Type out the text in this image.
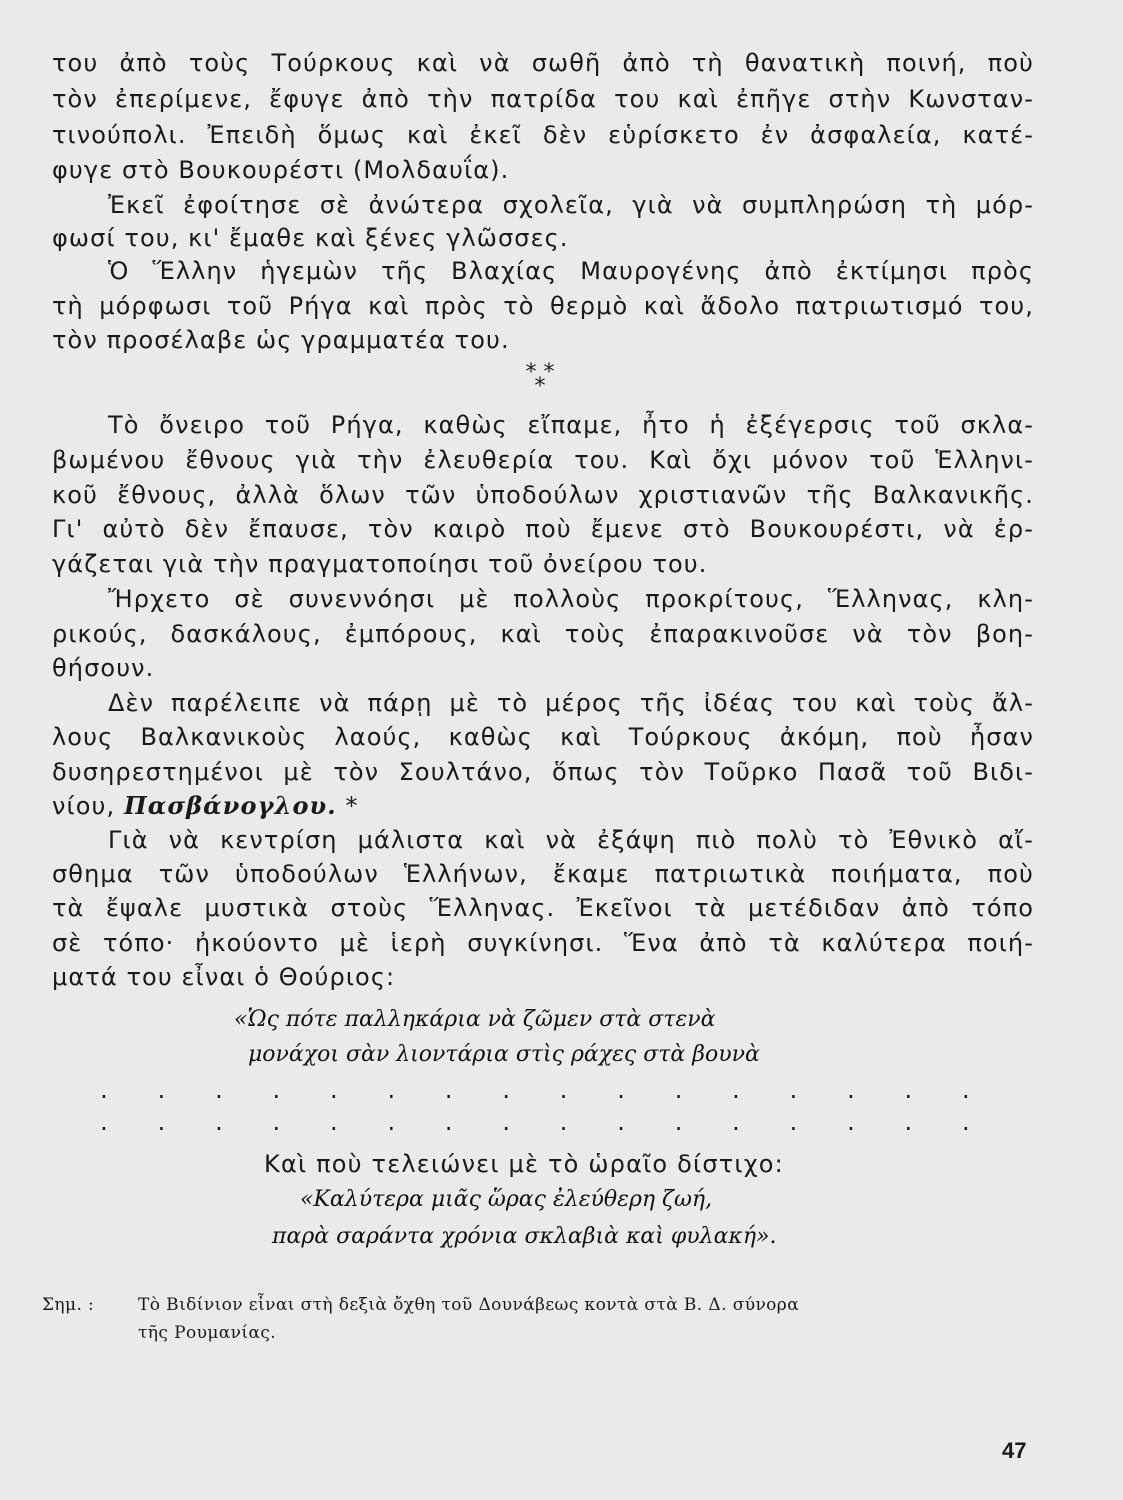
του ἀπὸ τοὺς Τούρκους καὶ νὰ σωθῆ ἀπὸ τὴ θανατικὴ ποινή, ποὺ
τὸν ἐπερίμενε, ἔφυγε ἀπὸ τὴν πατρίδα του καὶ ἐπῆγε στὴν Κωνσταν-
τινούπολι. Ἐπειδὴ ὅμως καὶ ἐκεῖ δὲν εὑρίσκετο ἐν ἀσφαλεία, κατέ-
φυγε στὸ Βουκουρέστι (Μολδαυΐα).
Ἐκεῖ ἐφοίτησε σὲ ἀνώτερα σχολεῖα, γιὰ νὰ συμπληρώση τὴ μόρ-
φωσί του, κι' ἔμαθε καὶ ξένες γλῶσσες.
Ὁ Ἕλλην ἡγεμὼν τῆς Βλαχίας Μαυρογένης ἀπὸ ἐκτίμησι πρὸς
τὴ μόρφωσι τοῦ Ρήγα καὶ πρὸς τὸ θερμὸ καὶ ἄδολο πατριωτισμό του,
τὸν προσέλαβε ὡς γραμματέα του.
* * *
Τὸ ὄνειρο τοῦ Ρήγα, καθὼς εἴπαμε, ἦτο ἡ ἐξέγερσις τοῦ σκλα-
βωμένου ἔθνους γιὰ τὴν ἐλευθερία του. Καὶ ὄχι μόνον τοῦ Ἑλληνι-
κοῦ ἔθνους, ἀλλὰ ὅλων τῶν ὑποδούλων χριστιανῶν τῆς Βαλκανικῆς.
Γι' αὐτὸ δὲν ἔπαυσε, τὸν καιρὸ ποὺ ἔμενε στὸ Βουκουρέστι, νὰ ἐρ-
γάζεται γιὰ τὴν πραγματοποίησι τοῦ ὀνείρου του.
Ἤρχετο σὲ συνεννόησι μὲ πολλοὺς προκρίτους, Ἕλληνας, κλη-
ρικούς, δασκάλους, ἐμπόρους, καὶ τοὺς ἐπαρακινοῦσε νὰ τὸν βοη-
θήσουν.
Δὲν παρέλειπε νὰ πάρῃ μὲ τὸ μέρος τῆς ἰδέας του καὶ τοὺς ἄλ-
λους Βαλκανικοὺς λαούς, καθὼς καὶ Τούρκους ἀκόμη, ποὺ ἦσαν
δυσηρεστημένοι μὲ τὸν Σουλτάνο, ὅπως τὸν Τοῦρκο Πασᾶ τοῦ Βιδι-
νίου, Πασβάνογλου. *
Γιὰ νὰ κεντρίση μάλιστα καὶ νὰ ἐξάψη πιὸ πολὺ τὸ Ἐθνικὸ αἴ-
σθημα τῶν ὑποδούλων Ἑλλήνων, ἔκαμε πατριωτικὰ ποιήματα, ποὺ
τὰ ἔψαλε μυστικὰ στοὺς Ἕλληνας. Ἐκεῖνοι τὰ μετέδιδαν ἀπὸ τόπο
σὲ τόπο· ἠκούοντο μὲ ἱερὴ συγκίνησι. Ἕνα ἀπὸ τὰ καλύτερα ποιή-
ματά του εἶναι ὁ Θούριος:
«Ὡς πότε παλληκάρια νὰ ζῶμεν στὰ στενὰ
μονάχοι σὰν λιοντάρια στὶς ράχες στὰ βουνὰ
. . . . . . . . . . . . . . . .
. . . . . . . . . . . . . . . .
Καὶ ποὺ τελειώνει μὲ τὸ ὡραῖο δίστιχο:
«Καλύτερα μιᾶς ὥρας ἐλεύθερη ζωή,
παρὰ σαράντα χρόνια σκλαβιὰ καὶ φυλακή».
Σημ. :	Τὸ Βιδίνιον εἶναι στὴ δεξιὰ ὄχθη τοῦ Δουνάβεως κοντὰ στὰ Β. Δ. σύνορα
τῆς Ρουμανίας.
47
